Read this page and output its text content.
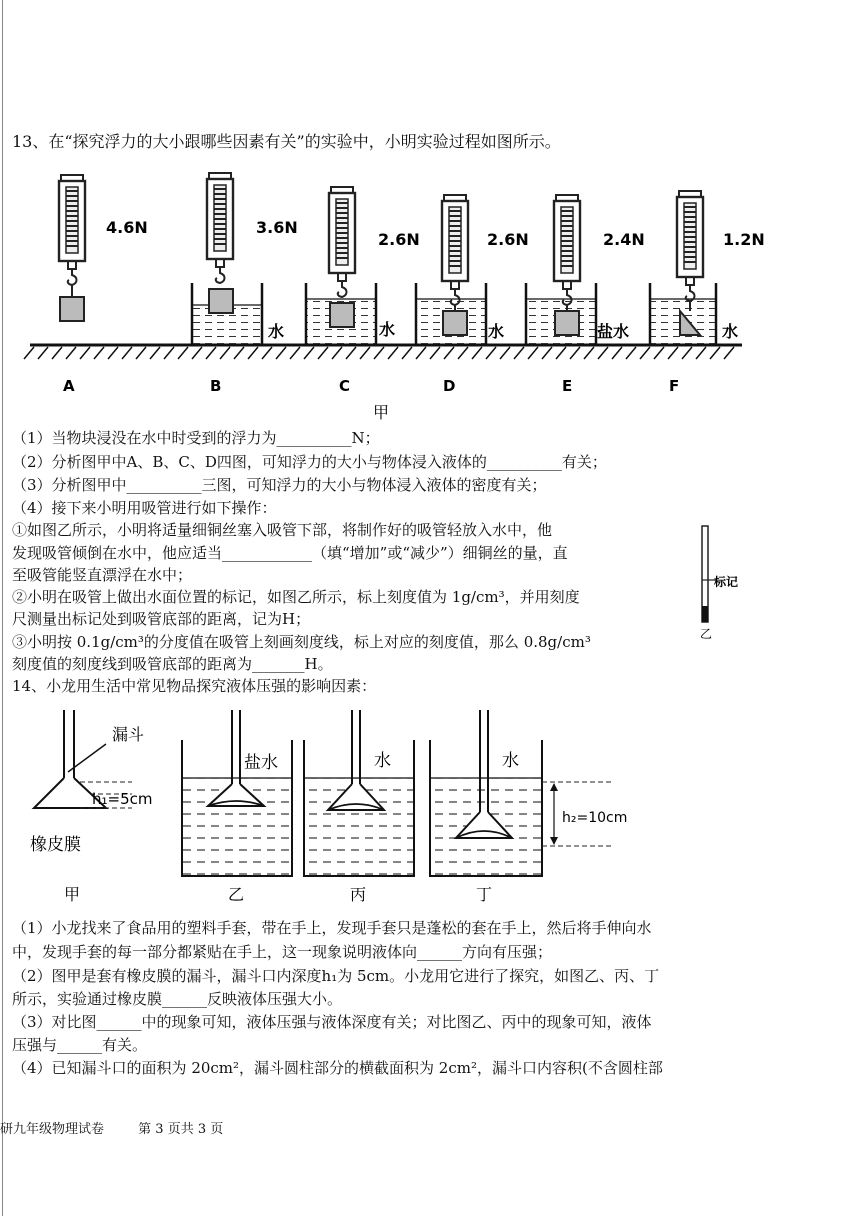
13、在“探究浮力的大小跟哪些因素有关”的实验中，小明实验过程如图所示。
4.6N	3.6N
2.6N	2.6N	2.4N	1.2N
水	水	水	盐水	水
A	B	C	D	E	F
甲
（1）当物块浸没在水中时受到的浮力为__________N；
（2）分析图甲中A、B、C、D四图，可知浮力的大小与物体浸入液体的__________有关；
（3）分析图甲中__________三图，可知浮力的大小与物体浸入液体的密度有关；
（4）接下来小明用吸管进行如下操作：
①如图乙所示，小明将适量细铜丝塞入吸管下部，将制作好的吸管轻放入水中，他
发现吸管倾倒在水中，他应适当____________（填“增加”或“减少”）细铜丝的量，直
至吸管能竖直漂浮在水中；
②小明在吸管上做出水面位置的标记，如图乙所示，标上刻度值为 1g/cm³，并用刻度
尺测量出标记处到吸管底部的距离，记为H；
③小明按 0.1g/cm³的分度值在吸管上刻画刻度线，标上对应的刻度值，那么 0.8g/cm³
刻度值的刻度线到吸管底部的距离为_______H。
标记
乙
14、小龙用生活中常见物品探究液体压强的影响因素：
漏斗
h₁=5cm
橡皮膜
h₂=10cm
盐水	水	水
甲	乙	丙	丁
（1）小龙找来了食品用的塑料手套，带在手上，发现手套只是蓬松的套在手上，然后将手伸向水
中，发现手套的每一部分都紧贴在手上，这一现象说明液体向______方向有压强；
（2）图甲是套有橡皮膜的漏斗，漏斗口内深度h₁为 5cm。小龙用它进行了探究，如图乙、丙、丁
所示，实验通过橡皮膜______反映液体压强大小。
（3）对比图______中的现象可知，液体压强与液体深度有关；对比图乙、丙中的现象可知，液体
压强与______有关。
（4）已知漏斗口的面积为 20cm²，漏斗圆柱部分的横截面积为 2cm²，漏斗口内容积(不含圆柱部
研九年级物理试卷	第 3 页共 3 页
